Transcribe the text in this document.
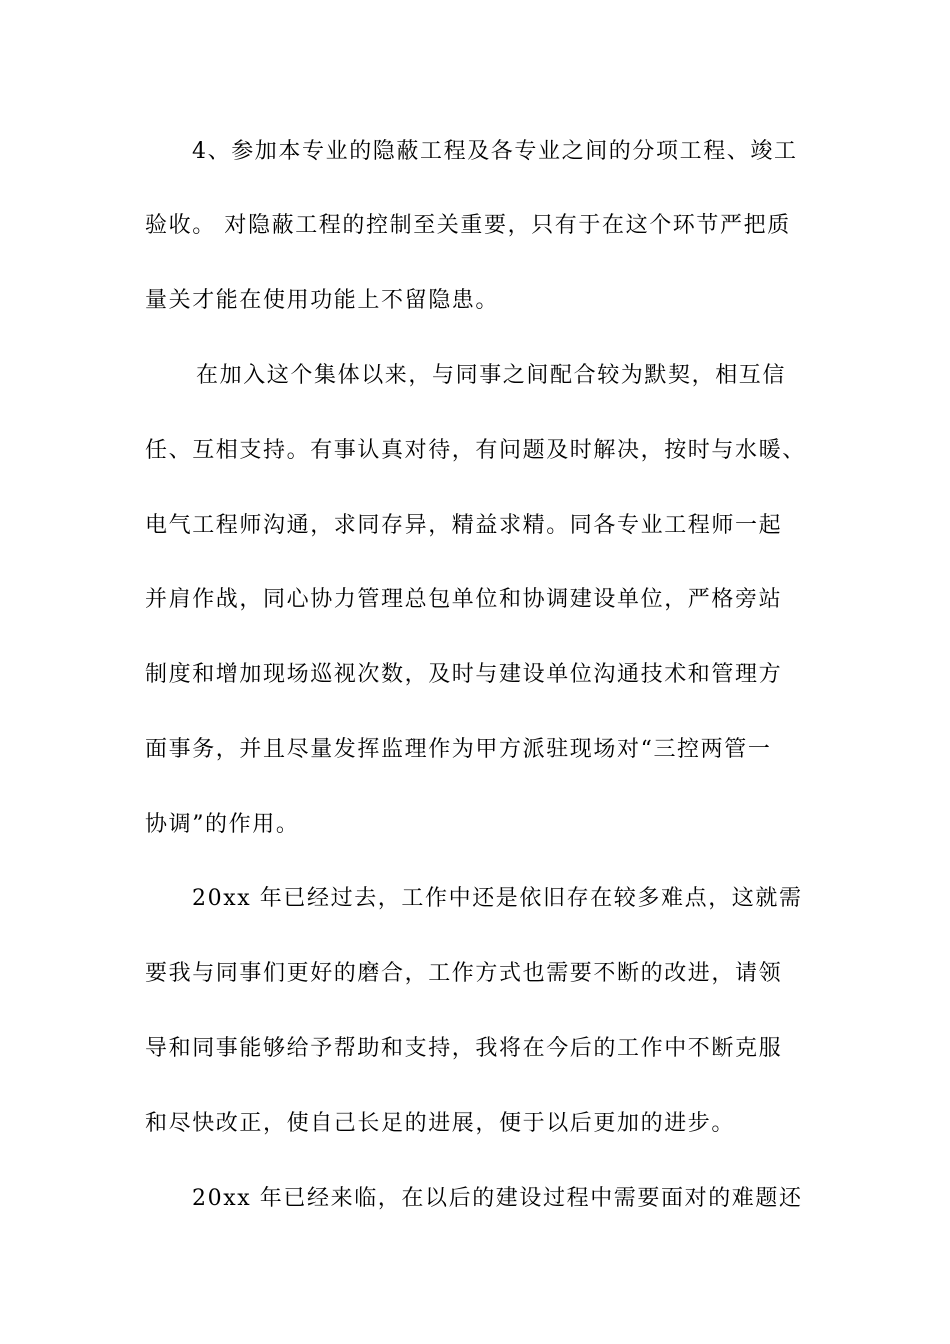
4、参加本专业的隐蔽工程及各专业之间的分项工程、竣工
验收。 对隐蔽工程的控制至关重要，只有于在这个环节严把质
量关才能在使用功能上不留隐患。
在加入这个集体以来，与同事之间配合较为默契，相互信
任、互相支持。有事认真对待，有问题及时解决，按时与水暖、
电气工程师沟通，求同存异，精益求精。同各专业工程师一起
并肩作战，同心协力管理总包单位和协调建设单位，严格旁站
制度和增加现场巡视次数，及时与建设单位沟通技术和管理方
面事务，并且尽量发挥监理作为甲方派驻现场对“三控两管一
协调”的作用。
20xx 年已经过去，工作中还是依旧存在较多难点，这就需
要我与同事们更好的磨合，工作方式也需要不断的改进，请领
导和同事能够给予帮助和支持，我将在今后的工作中不断克服
和尽快改正，使自己长足的进展，便于以后更加的进步。
20xx 年已经来临，在以后的建设过程中需要面对的难题还
